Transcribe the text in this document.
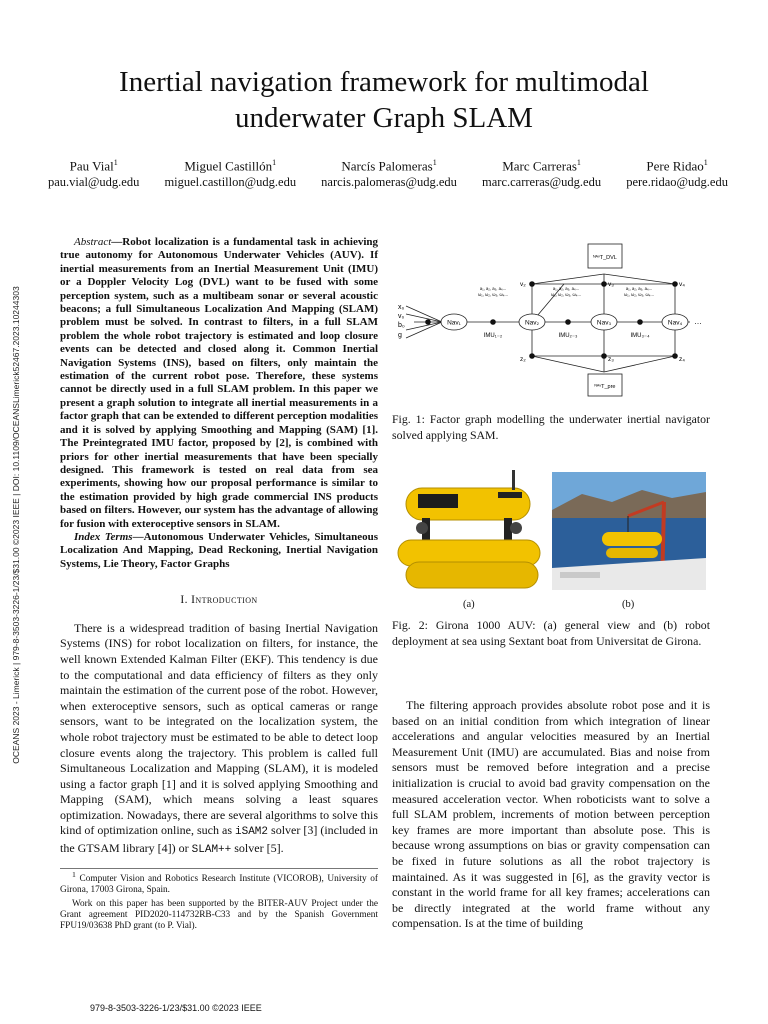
Inertial navigation framework for multimodal underwater Graph SLAM
Pau Vial$^1$
pau.vial@udg.edu
Miguel Castillón$^1$
miguel.castillon@udg.edu
Narcís Palomeras$^1$
narcis.palomeras@udg.edu
Marc Carreras$^1$
marc.carreras@udg.edu
Pere Ridao$^1$
pere.ridao@udg.edu
OCEANS 2023 - Limerick | 979-8-3503-3226-1/23/$31.00 ©2023 IEEE | DOI: 10.1109/OCEANSLimerick52467.2023.10244303

Abstract—Robot localization is a fundamental task in achieving true autonomy for Autonomous Underwater Vehicles (AUV). If inertial measurements from an Inertial Measurement Unit (IMU) or a Doppler Velocity Log (DVL) want to be fused with some perception system, such as a multibeam sonar or several acoustic beacons; a full Simultaneous Localization And Mapping (SLAM) problem must be solved. In contrast to filters, in a full SLAM problem the whole robot trajectory is estimated and loop closure events can be detected and closed along it. Common Inertial Navigation Systems (INS), based on filters, only maintain the estimation of the current robot pose. Therefore, these systems cannot be directly used in a full SLAM problem. In this paper we present a graph solution to integrate all inertial measurements in a factor graph that can be extended to different perception modalities and it is solved by applying Smoothing and Mapping (SAM) [1]. The Preintegrated IMU factor, proposed by [2], is combined with priors for other inertial measurements that have been specially designed. This framework is tested on real data from sea experiments, showing how our proposal performance is similar to the estimation provided by high grade commercial INS products based on filters. However, our system has the advantage of allowing for fusion with exteroceptive sensors in SLAM.

Index Terms—Autonomous Underwater Vehicles, Simultaneous Localization And Mapping, Dead Reckoning, Inertial Navigation Systems, Lie Theory, Factor Graphs

I. Introduction

There is a widespread tradition of basing Inertial Navigation Systems (INS) for robot localization on filters, for instance, the well known Extended Kalman Filter (EKF). This tendency is due to the computational and data efficiency of filters as they only maintain the estimation of the current pose of the robot. However, when exteroceptive sensors, such as optical cameras or range sensors, want to be integrated on the localization system, the whole robot trajectory must be estimated to be able to detect loop closure events along the trajectory. This problem is called full Simultaneous Localization and Mapping (SLAM), it is modeled using a factor graph [1] and it is solved applying Smoothing and Mapping (SAM), which means solving a least squares optimization. Nowadays, there are several algorithms to solve this kind of optimization online, such as iSAM2 solver [3] (included in the GTSAM library [4]) or SLAM++ solver [5].

$^1$ Computer Vision and Robotics Research Institute (VICOROB), University of Girona, 17003 Girona, Spain.

Work on this paper has been supported by the BITER-AUV Project under the Grant agreement PID2020-114732RB-C33 and by the Spanish Government FPU19/03638 PhD grant (to P. Vial).

979-8-3503-3226-1/23/$31.00 ©2023 IEEE
ᴺᴬᵛT_DVL
ᴺᴬᵛT_pre
x₀
v₀
b₀
g
Nav₁	Nav₂	Nav₃	Nav₄ …
IMU₁₋₂	IMU₂₋₃	IMU₃₋₄
v₂	v₃	v₄
a₁, a₂, a₃, a₄...
ω₁, ω₂, ω₃, ω₄...
a₁, a₂, a₃, a₄...
ω₁, ω₂, ω₃, ω₄...
a₁, a₂, a₃, a₄...
ω₁, ω₂, ω₃, ω₄...
z₂	z₃	z₄
Fig. 1: Factor graph modelling the underwater inertial navigator solved applying SAM.
(a)	(b)
Fig. 2: Girona 1000 AUV: (a) general view and (b) robot deployment at sea using Sextant boat from Universitat de Girona.

The filtering approach provides absolute robot pose and it is based on an initial condition from which integration of linear accelerations and angular velocities measured by an Inertial Measurement Unit (IMU) are accumulated. Bias and noise from sensors must be removed before integration and a precise initialization is crucial to avoid bad gravity compensation on the measured acceleration vector. When roboticists want to solve a full SLAM problem, increments of motion between perception key frames are more important than absolute pose. This is because wrong assumptions on bias or gravity compensation can be fixed in future solutions as all the robot trajectory is maintained. As it was suggested in [6], as the gravity vector is constant in the world frame for all key frames; accelerations can be directly integrated at the world frame without any compensation. Is at the time of building
